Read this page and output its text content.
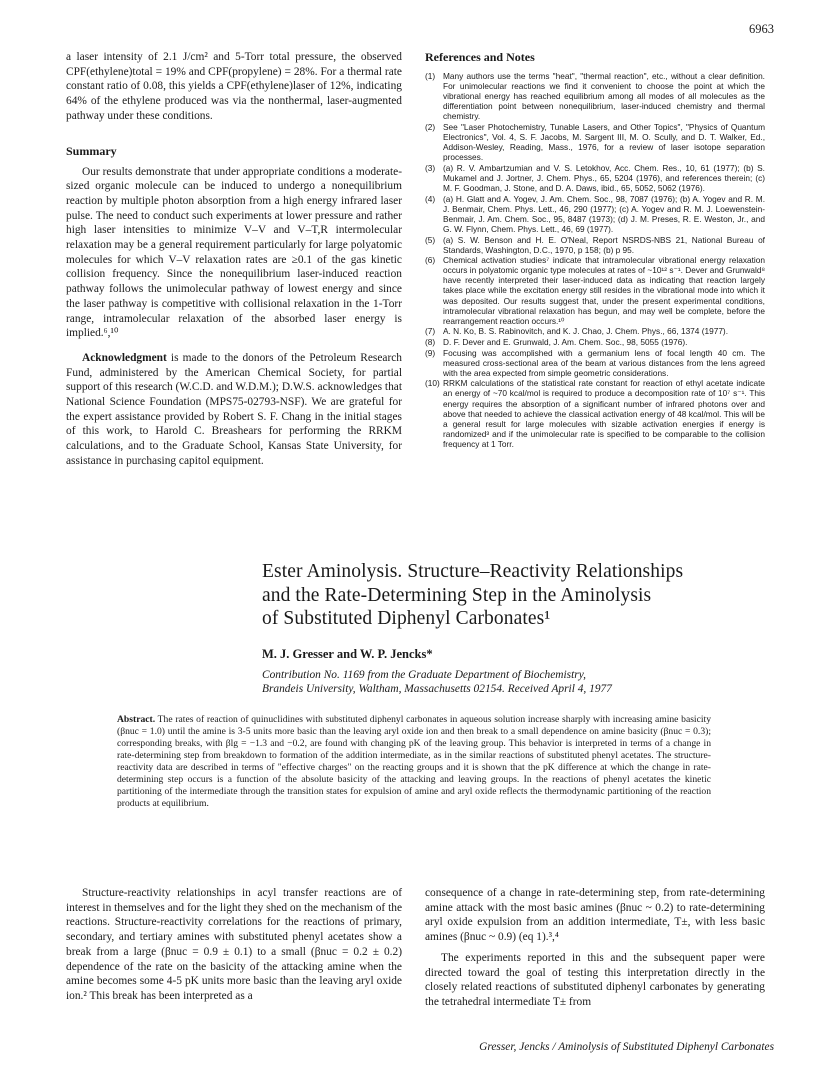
6963

a laser intensity of 2.1 J/cm² and 5-Torr total pressure, the observed CPF(ethylene)total = 19% and CPF(propylene) = 28%. For a thermal rate constant ratio of 0.08, this yields a CPF(ethylene)laser of 12%, indicating 64% of the ethylene produced was via the nonthermal, laser-augmented pathway under these conditions.

Summary

Our results demonstrate that under appropriate conditions a moderate-sized organic molecule can be induced to undergo a nonequilibrium reaction by multiple photon absorption from a high energy infrared laser pulse. The need to conduct such experiments at lower pressure and rather high laser intensities to minimize V–V and V–T,R intermolecular relaxation may be a general requirement particularly for large polyatomic molecules for which V–V relaxation rates are ≥0.1 of the gas kinetic collision frequency. Since the nonequilibrium laser-induced reaction pathway follows the unimolecular pathway of lowest energy and since the laser pathway is competitive with collisional relaxation in the 1-Torr range, intramolecular relaxation of the absorbed laser energy is implied.⁶,¹⁰

Acknowledgment is made to the donors of the Petroleum Research Fund, administered by the American Chemical Society, for partial support of this research (W.C.D. and W.D.M.); D.W.S. acknowledges that National Science Foundation (MPS75-02793-NSF). We are grateful for the expert assistance provided by Robert S. F. Chang in the initial stages of this work, to Harold C. Breashears for performing the RRKM calculations, and to the Graduate School, Kansas State University, for assistance in purchasing capitol equipment.

References and Notes
(1) Many authors use the terms "heat", "thermal reaction", etc., without a clear definition. For unimolecular reactions we find it convenient to choose the point at which the vibrational energy has reached equilibrium among all modes of all molecules as the differentiation point between nonequilibrium, laser-induced chemistry and thermal chemistry.
(2) See "Laser Photochemistry, Tunable Lasers, and Other Topics", "Physics of Quantum Electronics", Vol. 4, S. F. Jacobs, M. Sargent III, M. O. Scully, and D. T. Walker, Ed., Addison-Wesley, Reading, Mass., 1976, for a review of laser isotope separation processes.
(3) (a) R. V. Ambartzumian and V. S. Letokhov, Acc. Chem. Res., 10, 61 (1977); (b) S. Mukamel and J. Jortner, J. Chem. Phys., 65, 5204 (1976), and references therein; (c) M. F. Goodman, J. Stone, and D. A. Daws, ibid., 65, 5052, 5062 (1976).
(4) (a) H. Glatt and A. Yogev, J. Am. Chem. Soc., 98, 7087 (1976); (b) A. Yogev and R. M. J. Benmair, Chem. Phys. Lett., 46, 290 (1977); (c) A. Yogev and R. M. J. Loewenstein-Benmair, J. Am. Chem. Soc., 95, 8487 (1973); (d) J. M. Preses, R. E. Weston, Jr., and G. W. Flynn, Chem. Phys. Lett., 46, 69 (1977).
(5) (a) S. W. Benson and H. E. O'Neal, Report NSRDS-NBS 21, National Bureau of Standards, Washington, D.C., 1970, p 158; (b) p 95.
(6) Chemical activation studies⁷ indicate that intramolecular vibrational energy relaxation occurs in polyatomic organic type molecules at rates of ~10¹² s⁻¹. Dever and Grunwald⁸ have recently interpreted their laser-induced data as indicating that reaction largely takes place while the excitation energy still resides in the vibrational mode into which it was deposited. Our results suggest that, under the present experimental conditions, intramolecular vibrational relaxation has begun, and may well be complete, before the rearrangement reaction occurs.¹⁰
(7) A. N. Ko, B. S. Rabinovitch, and K. J. Chao, J. Chem. Phys., 66, 1374 (1977).
(8) D. F. Dever and E. Grunwald, J. Am. Chem. Soc., 98, 5055 (1976).
(9) Focusing was accomplished with a germanium lens of focal length 40 cm. The measured cross-sectional area of the beam at various distances from the lens agreed with the area expected from simple geometric considerations.
(10) RRKM calculations of the statistical rate constant for reaction of ethyl acetate indicate an energy of ~70 kcal/mol is required to produce a decomposition rate of 10⁷ s⁻¹. This energy requires the absorption of a significant number of infrared photons over and above that needed to achieve the classical activation energy of 48 kcal/mol. This will be a general result for large molecules with sizable activation energies if energy is randomized³ and if the unimolecular rate is specified to be comparable to the collision frequency at 1 Torr.
Ester Aminolysis. Structure–Reactivity Relationships
and the Rate-Determining Step in the Aminolysis
of Substituted Diphenyl Carbonates¹
M. J. Gresser and W. P. Jencks*

Contribution No. 1169 from the Graduate Department of Biochemistry,
Brandeis University, Waltham, Massachusetts 02154. Received April 4, 1977

Abstract. The rates of reaction of quinuclidines with substituted diphenyl carbonates in aqueous solution increase sharply with increasing amine basicity (βnuc = 1.0) until the amine is 3-5 units more basic than the leaving aryl oxide ion and then break to a small dependence on amine basicity (βnuc = 0.3); corresponding breaks, with βlg = −1.3 and −0.2, are found with changing pK of the leaving group. This behavior is interpreted in terms of a change in rate-determining step from breakdown to formation of the addition intermediate, as in the similar reactions of substituted phenyl acetates. The structure-reactivity data are described in terms of "effective charges" on the reacting groups and it is shown that the pK difference at which the change in rate-determining step occurs is a function of the absolute basicity of the attacking and leaving groups. In the reactions of phenyl acetates the kinetic partitioning of the intermediate through the transition states for expulsion of amine and aryl oxide reflects the thermodynamic partitioning of the reaction products at equilibrium.

Structure-reactivity relationships in acyl transfer reactions are of interest in themselves and for the light they shed on the mechanism of the reactions. Structure-reactivity correlations for the reactions of primary, secondary, and tertiary amines with substituted phenyl acetates show a break from a large (βnuc = 0.9 ± 0.1) to a small (βnuc = 0.2 ± 0.2) dependence of the rate on the basicity of the attacking amine when the amine becomes some 4-5 pK units more basic than the leaving aryl oxide ion.² This break has been interpreted as a

consequence of a change in rate-determining step, from rate-determining amine attack with the most basic amines (βnuc ~ 0.2) to rate-determining aryl oxide expulsion from an addition intermediate, T±, with less basic amines (βnuc ~ 0.9) (eq 1).³,⁴

The experiments reported in this and the subsequent paper were directed toward the goal of testing this interpretation directly in the closely related reactions of substituted diphenyl carbonates by generating the tetrahedral intermediate T± from

Gresser, Jencks / Aminolysis of Substituted Diphenyl Carbonates
